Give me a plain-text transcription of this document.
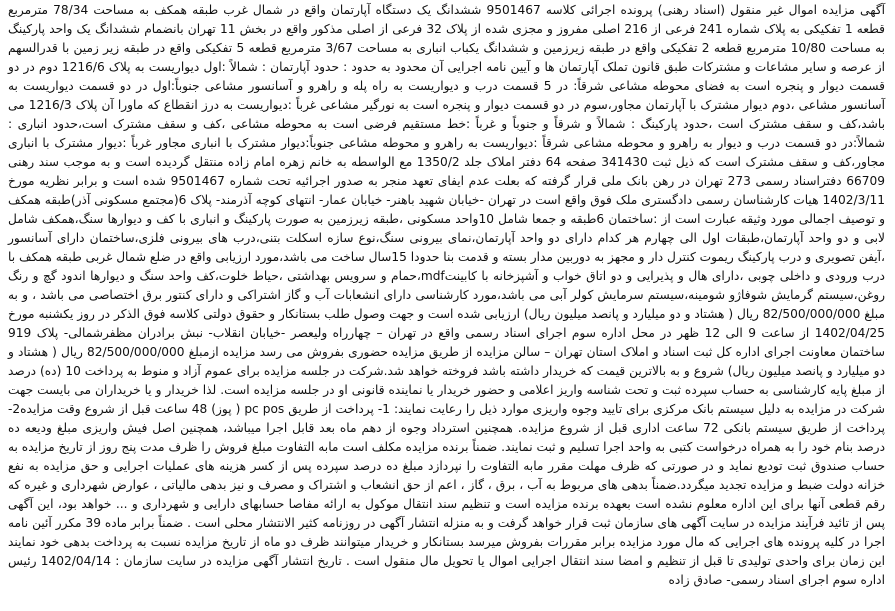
آگهی مزایده اموال غیر منقول (اسناد رهنی) پرونده اجرائی کلاسه 9501467 ششدانگ یک دستگاه آپارتمان واقع در شمال غرب طبقه همکف به مساحت 78/34 مترمربع قطعه 1 تفکیکی به پلاک شماره 241 فرعی از 216 اصلی مفروز و مجزی شده از پلاک 32 فرعی از اصلی مذکور واقع در بخش 11 تهران بانضمام ششدانگ یک واحد پارکینگ به مساحت 10/80 مترمربع قطعه 2 تفکیکی واقع در طبقه زیرزمین و ششدانگ یکباب انباری به مساحت 3/67 مترمربع قطعه 5 تفکیکی واقع در طبقه زیر زمین با قدرالسهم از عرصه و سایر مشاعات و مشترکات طبق قانون تملک آپارتمان ها و آیین نامه اجرایی آن محدود به حدود : حدود آپارتمان : شمالاً :اول دیواریست به پلاک 1216/6 دوم در دو قسمت دیوار و پنجره است به فضای محوطه مشاعی شرقاً: در 5 قسمت درب و دیواریست به راه پله و راهرو و آسانسور مشاعی جنوباً:اول در دو قسمت دیواریست به آسانسور مشاعی ،دوم دیوار مشترک با آپارتمان مجاور،سوم در دو قسمت دیوار و پنجره است به نورگیر مشاعی غرباً :دیواریست به درز انقطاع که ماورا آن پلاک 1216/3 می باشد،کف و سقف مشترک است ،حدود پارکینگ : شمالاً و شرقاً و جنوباً و غرباً :خط مستقیم فرضی است به محوطه مشاعی ،کف و سقف مشترک است،حدود انباری : شمالاً:در دو قسمت درب و دیوار به راهرو و محوطه مشاعی شرقاً :دیواریست به راهرو و محوطه مشاعی جنوباً:دیوار مشترک با انباری مجاور غرباً :دیوار مشترک با انباری مجاور،کف و سقف مشترک است که ذیل ثبت 341430 صفحه 64 دفتر املاک جلد 1350/2 مع الواسطه به خانم زهره امام زاده منتقل گردیده است و به موجب سند رهنی 66709 دفتراسناد رسمی 273 تهران در رهن بانک ملی قرار گرفته که بعلت عدم ایفای تعهد منجر به صدور اجرائیه تحت شماره 9501467 شده است و برابر نظریه مورخ 1402/3/11 هیات کارشناسان رسمی دادگستری ملک فوق واقع است در تهران -خیابان شهید باهنر- خیابان عمار- انتهای کوچه آذرمند- پلاک 6(مجتمع مسکونی آذر)طبقه همکف و توصیف اجمالی مورد وثیقه عبارت است از :ساختمان 6طبقه و جمعا شامل 10واحد مسکونی ،طبقه زیرزمین به صورت پارکینگ و انباری با کف و دیوارها سنگ،همکف شامل لابی و دو واحد آپارتمان،طبقات اول الی چهارم هر کدام دارای دو واحد آپارتمان،نمای بیرونی سنگ،نوع سازه اسکلت بتنی،درب های بیرونی فلزی،ساختمان دارای آسانسور ،آیفن تصویری و درب پارکینگ ریموت کنترل دار و مجهز به دوربین مدار بسته و قدمت بنا حدودا 15سال ساخت می باشد،مورد ارزیابی واقع در ضلع شمال غربی طبقه همکف با درب ورودی و داخلی چوبی ،دارای هال و پذیرایی و دو اتاق خواب و آشپزخانه با کابینتmdf،حمام و سرویس بهداشتی ،حیاط خلوت،کف واحد سنگ و دیوارها اندود گچ و رنگ روغن،سیستم گرمایش شوفاژو شومینه،سیستم سرمایش کولر آبی می باشد،مورد کارشناسی دارای انشعابات آب و گاز اشتراکی و دارای کنتور برق اختصاصی می باشد ، و به مبلغ 82/500/000/000 ریال ( هشتاد و دو میلیارد و پانصد میلیون ریال) ارزیابی شده است و جهت وصول طلب بستانکار و حقوق دولتی کلاسه فوق الذکر در روز یکشنبه مورخ 1402/04/25 از ساعت 9 الی 12 ظهر در محل اداره سوم اجرای اسناد رسمی واقع در تهران – چهارراه ولیعصر -خیابان انقلاب- نبش برادران مظفرشمالی- پلاک 919 ساختمان معاونت اجرای اداره کل ثبت اسناد و املاک استان تهران – سالن مزایده از طریق مزایده حضوری بفروش می رسد مزایده ازمبلغ 82/500/000/000 ریال ( هشتاد و دو میلیارد و پانصد میلیون ریال) شروع و به بالاترین قیمت که خریدار داشته باشد فروخته خواهد شد.شرکت در جلسه مزایده برای عموم آزاد و منوط به پرداخت 10 (ده) درصد از مبلغ پایه کارشناسی به حساب سپرده ثبت و تحت شناسه واریز اعلامی و حضور خریدار یا نماینده قانونی او در جلسه مزایده است. لذا خریدار و یا خریداران می بایست جهت شرکت در مزایده به دلیل سیستم بانک مرکزی برای تایید وجوه واریزی موارد ذیل را رعایت نمایند: 1- پرداخت از طریق pc pos ( پوز) 48 ساعت قبل از شروع وقت مزایده2- پرداخت از طریق سیستم بانکی 72 ساعت اداری قبل از شروع مزایده. همچنین استرداد وجوه از دهم ماه بعد قابل اجرا میباشد، همچنین اصل فیش واریزی مبلغ ودیعه ده درصد بنام خود را به همراه درخواست کتبی به واحد اجرا تسلیم و ثبت نمایند. ضمناً برنده مزایده مکلف است مابه التفاوت مبلغ فروش را ظرف مدت پنج روز از تاریخ مزایده به حساب صندوق ثبت تودیع نماید و در صورتی که ظرف مهلت مقرر مابه التفاوت را نپردازد مبلغ ده درصد سپرده پس از کسر هزینه های عملیات اجرایی و حق مزایده به نفع خزانه دولت ضبط و مزایده تجدید میگردد.ضمناً بدهی های مربوط به آب ، برق ، گاز ، اعم از حق انشعاب و اشتراک و مصرف و نیز بدهی مالیاتی ، عوارض شهرداری و غیره که رقم قطعی آنها برای این اداره معلوم نشده است بعهده برنده مزایده است و تنظیم سند انتقال موکول به ارائه مفاصا حسابهای دارایی و شهرداری و ... خواهد بود، این آگهی پس از تائید فرآیند مزایده در سایت آگهی های سازمان ثبت قرار خواهد گرفت و به منزله انتشار آگهی در روزنامه کثیر الانتشار محلی است . ضمناً برابر ماده 39 مکرر آئین نامه اجرا در کلیه پرونده های اجرایی که مال مورد مزایده برابر مقررات بفروش میرسد بستانکار و خریدار میتوانند ظرف دو ماه از تاریخ مزایده نسبت به پرداخت بدهی خود نمایند این زمان برای واحدی تولیدی تا قبل از تنظیم و امضا سند انتقال اجرایی اموال یا تحویل مال منقول است . تاریخ انتشار آگهی مزایده در سایت سازمان : 1402/04/14 رئیس اداره سوم اجرای اسناد رسمی- صادق زاده
